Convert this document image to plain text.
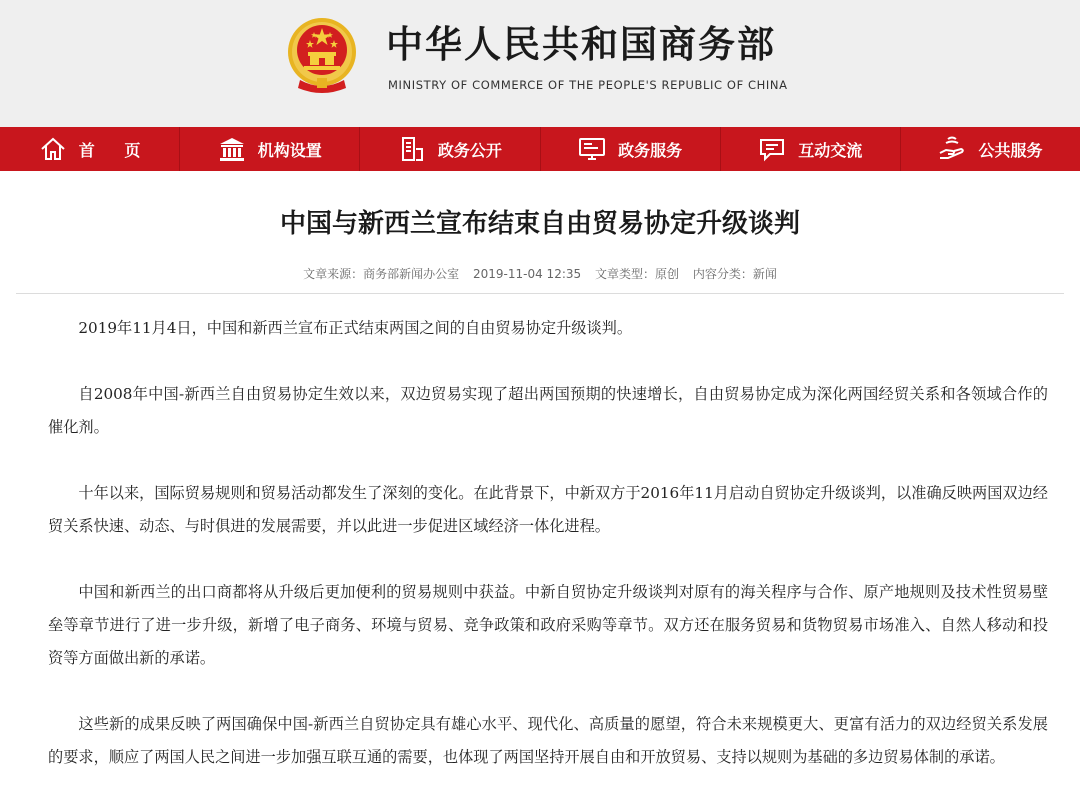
中华人民共和国商务部
MINISTRY OF COMMERCE OF THE PEOPLE'S REPUBLIC OF CHINA
首 页	机构设置	政务公开	政务服务	互动交流	公共服务
中国与新西兰宣布结束自由贸易协定升级谈判
文章来源：商务部新闻办公室 2019-11-04 12:35 文章类型：原创 内容分类：新闻

2019年11月4日，中国和新西兰宣布正式结束两国之间的自由贸易协定升级谈判。

自2008年中国-新西兰自由贸易协定生效以来，双边贸易实现了超出两国预期的快速增长，自由贸易协定成为深化两国经贸关系和各领域合作的催化剂。

十年以来，国际贸易规则和贸易活动都发生了深刻的变化。在此背景下，中新双方于2016年11月启动自贸协定升级谈判，以准确反映两国双边经贸关系快速、动态、与时俱进的发展需要，并以此进一步促进区域经济一体化进程。

中国和新西兰的出口商都将从升级后更加便利的贸易规则中获益。中新自贸协定升级谈判对原有的海关程序与合作、原产地规则及技术性贸易壁垒等章节进行了进一步升级，新增了电子商务、环境与贸易、竞争政策和政府采购等章节。双方还在服务贸易和货物贸易市场准入、自然人移动和投资等方面做出新的承诺。

这些新的成果反映了两国确保中国-新西兰自贸协定具有雄心水平、现代化、高质量的愿望，符合未来规模更大、更富有活力的双边经贸关系发展的要求，顺应了两国人民之间进一步加强互联互通的需要，也体现了两国坚持开展自由和开放贸易、支持以规则为基础的多边贸易体制的承诺。
